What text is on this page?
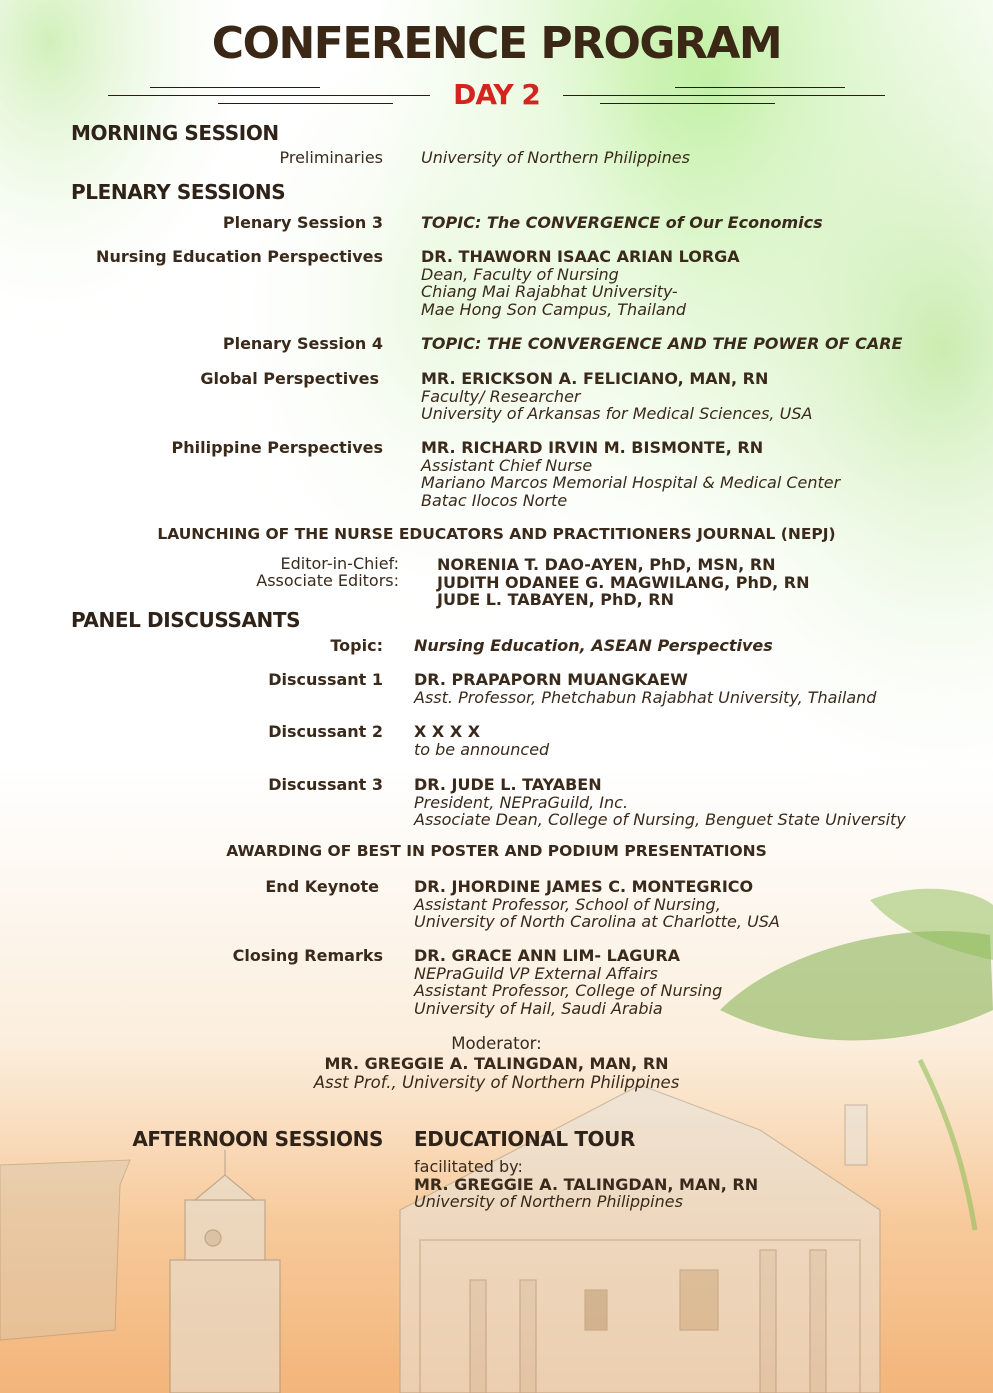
CONFERENCE PROGRAM
DAY 2
MORNING SESSION
Preliminaries University of Northern Philippines
PLENARY SESSIONS
Plenary Session 3 TOPIC: The CONVERGENCE of Our Economics
Nursing Education Perspectives DR. THAWORN ISAAC ARIAN LORGA
Dean, Faculty of Nursing
Chiang Mai Rajabhat University-
Mae Hong Son Campus, Thailand
Plenary Session 4 TOPIC: THE CONVERGENCE AND THE POWER OF CARE
Global Perspectives	MR. ERICKSON A. FELICIANO, MAN, RN
Faculty/ Researcher
University of Arkansas for Medical Sciences, USA
Philippine Perspectives MR. RICHARD IRVIN M. BISMONTE, RN
Assistant Chief Nurse
Mariano Marcos Memorial Hospital & Medical Center
Batac Ilocos Norte
LAUNCHING OF THE NURSE EDUCATORS AND PRACTITIONERS JOURNAL (NEPJ)
Editor-in-Chief:
Associate Editors:
NORENIA T. DAO-AYEN, PhD, MSN, RN
JUDITH ODANEE G. MAGWILANG, PhD, RN
JUDE L. TABAYEN, PhD, RN
PANEL DISCUSSANTS
Topic: Nursing Education, ASEAN Perspectives
Discussant 1 DR. PRAPAPORN MUANGKAEW
Asst. Professor, Phetchabun Rajabhat University, Thailand
Discussant 2 X X X X
to be announced
Discussant 3 DR. JUDE L. TAYABEN
President, NEPraGuild, Inc.
Associate Dean, College of Nursing, Benguet State University
AWARDING OF BEST IN POSTER AND PODIUM PRESENTATIONS
End Keynote DR. JHORDINE JAMES C. MONTEGRICO
Assistant Professor, School of Nursing,
University of North Carolina at Charlotte, USA
Closing Remarks DR. GRACE ANN LIM- LAGURA
NEPraGuild VP External Affairs
Assistant Professor, College of Nursing
University of Hail, Saudi Arabia
Moderator:
MR. GREGGIE A. TALINGDAN, MAN, RN
Asst Prof., University of Northern Philippines
AFTERNOON SESSIONS EDUCATIONAL TOUR
facilitated by:
MR. GREGGIE A. TALINGDAN, MAN, RN
University of Northern Philippines
